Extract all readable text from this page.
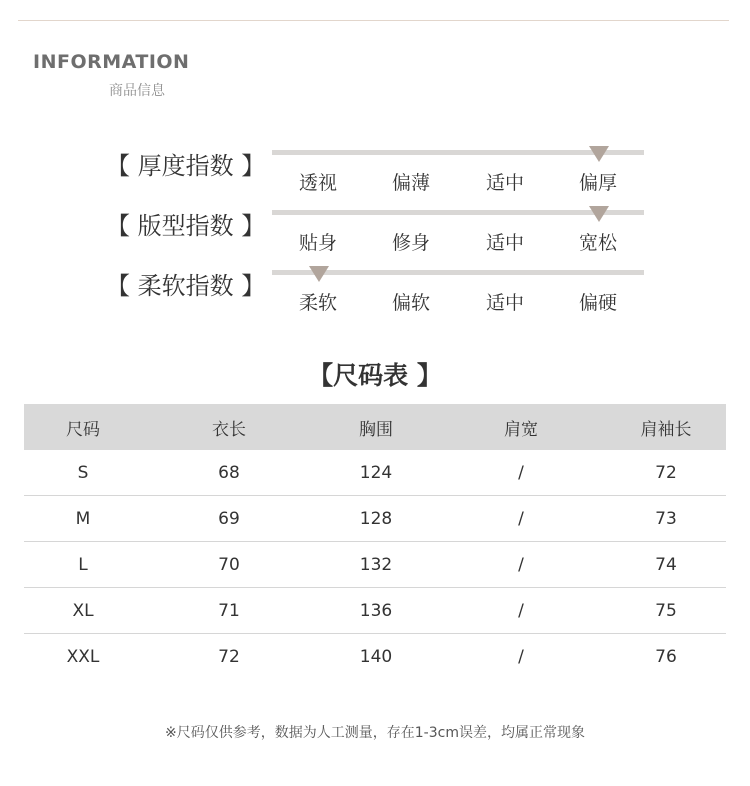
INFORMATION
商品信息
【 厚度指数 】
透视	偏薄	适中	偏厚
【 版型指数 】
贴身	修身	适中	宽松
【 柔软指数 】
柔软	偏软	适中	偏硬
【尺码表 】
尺码	衣长	胸围	肩宽	肩袖长
S	68	124	/	72
M	69	128	/	73
L	70	132	/	74
XL	71	136	/	75
XXL	72	140	/	76
※尺码仅供参考，数据为人工测量，存在1-3cm误差，均属正常现象
